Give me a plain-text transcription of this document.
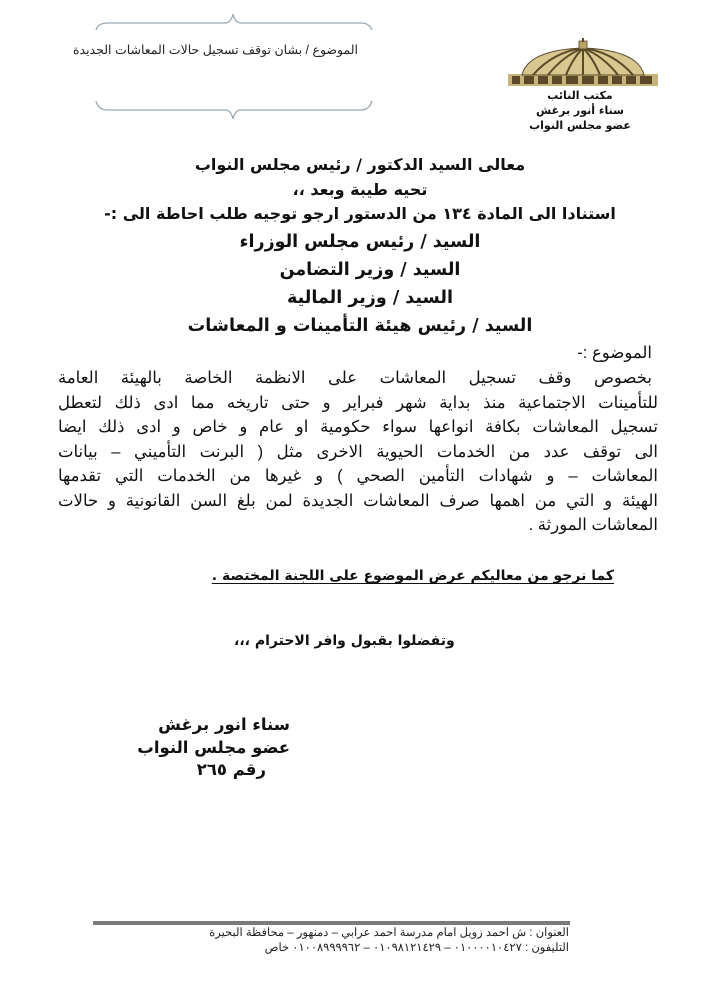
الموضوع / بشان توقف تسجيل حالات المعاشات الجديدة
مكتب النائب
سناء أنور برغش
عضو مجلس النواب
معالى السيد الدكتور / رئيس مجلس النواب
تحيه طيبة وبعد ،،
استنادا الى المادة ١٣٤ من الدستور ارجو توجيه طلب احاطة الى :-
السيد / رئيس مجلس الوزراء
السيد / وزير التضامن
السيد / وزير المالية
السيد / رئيس هيئة التأمينات و المعاشات
الموضوع :-
بخصوص وقف تسجيل المعاشات على الانظمة الخاصة بالهيئة العامة
للتأمينات الاجتماعية منذ بداية شهر فبراير و حتى تاريخه مما ادى ذلك لتعطل
تسجيل المعاشات بكافة انواعها سواء حكومية او عام و خاص و ادى ذلك ايضا
الى توقف عدد من الخدمات الحيوية الاخرى مثل ( البرنت التأميني – بيانات
المعاشات – و شهادات التأمين الصحي ) و غيرها من الخدمات التي تقدمها
الهيئة و التي من اهمها صرف المعاشات الجديدة لمن بلغ السن القانونية و حالات
المعاشات المورثة .
كما نرجو من معاليكم عرض الموضوع على اللجنة المختصة .
وتفضلوا بقبول وافر الاحترام ،،،
سناء انور برغش
عضو مجلس النواب
رقم ٢٦٥
العنوان : ش احمد زويل امام مدرسة احمد عرابي – دمنهور – محافظة البحيرة
التليفون : ٠١٠٠٠٠١٠٤٢٧ – ٠١٠٩٨١٢١٤٢٩ – ٠١٠٠٨٩٩٩٩٦٢ خاص
